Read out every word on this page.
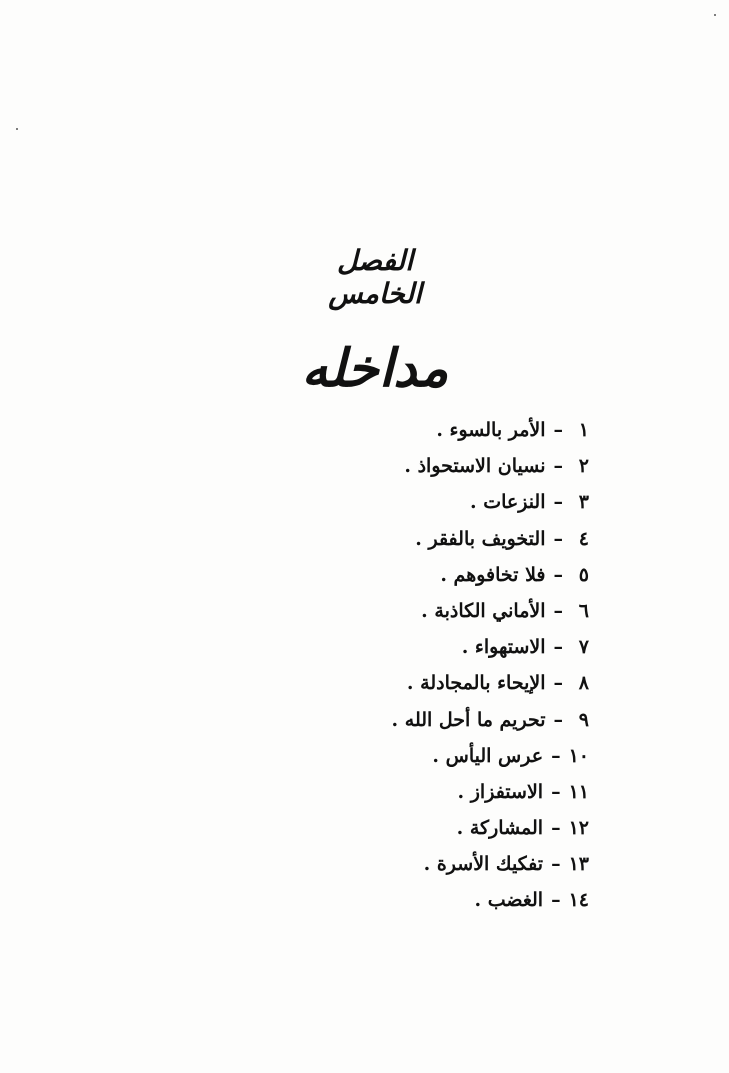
الفصل الخامس
مداخله
١–الأمر بالسوء .
٢–نسيان الاستحواذ .
٣–النزعات .
٤–التخويف بالفقر .
٥–فلا تخافوهم .
٦–الأماني الكاذبة .
٧–الاستهواء .
٨–الإيحاء بالمجادلة .
٩–تحريم ما أحل الله .
١٠–عرس اليأس .
١١–الاستفزاز .
١٢–المشاركة .
١٣–تفكيك الأسرة .
١٤–الغضب .
